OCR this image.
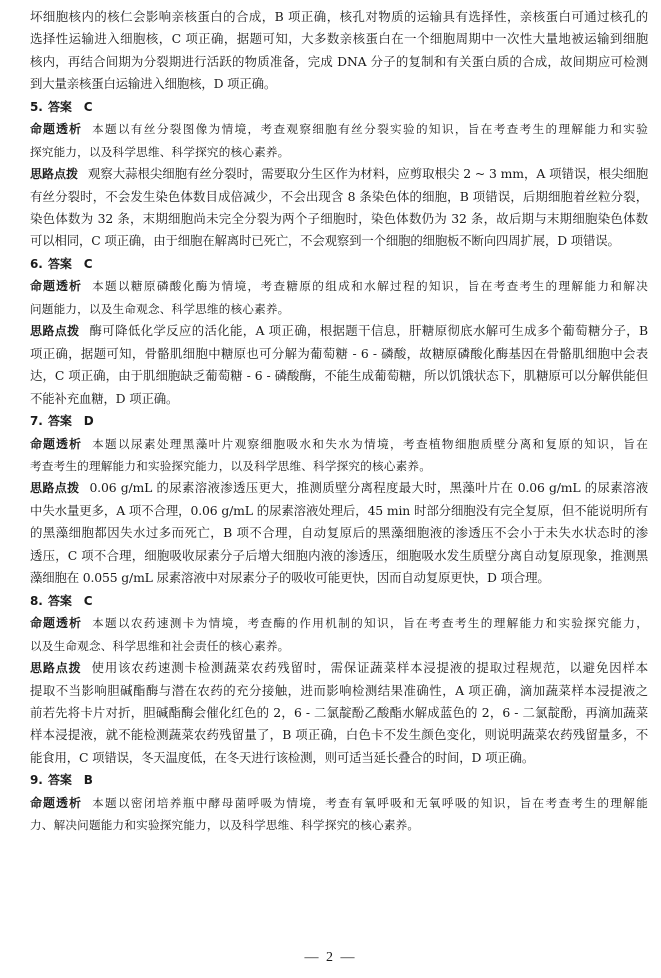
坏细胞核内的核仁会影响亲核蛋白的合成，B 项正确，核孔对物质的运输具有选择性，亲核蛋白可通过核孔的
选择性运输进入细胞核，C 项正确，据题可知，大多数亲核蛋白在一个细胞周期中一次性大量地被运输到细胞
核内，再结合间期为分裂期进行活跃的物质准备，完成 DNA 分子的复制和有关蛋白质的合成，故间期应可检测
到大量亲核蛋白运输进入细胞核，D 项正确。
5. 答案 C
命题透析 本题以有丝分裂图像为情境，考查观察细胞有丝分裂实验的知识，旨在考查考生的理解能力和实验
探究能力，以及科学思维、科学探究的核心素养。
思路点拨 观察大蒜根尖细胞有丝分裂时，需要取分生区作为材料，应剪取根尖 2 ~ 3 mm，A 项错误，根尖细胞
有丝分裂时，不会发生染色体数目成倍减少，不会出现含 8 条染色体的细胞，B 项错误，后期细胞着丝粒分裂，
染色体数为 32 条，末期细胞尚未完全分裂为两个子细胞时，染色体数仍为 32 条，故后期与末期细胞染色体数
可以相同，C 项正确，由于细胞在解离时已死亡，不会观察到一个细胞的细胞板不断向四周扩展，D 项错误。
6. 答案 C
命题透析 本题以糖原磷酸化酶为情境，考查糖原的组成和水解过程的知识，旨在考查考生的理解能力和解决
问题能力，以及生命观念、科学思维的核心素养。
思路点拨 酶可降低化学反应的活化能，A 项正确，根据题干信息，肝糖原彻底水解可生成多个葡萄糖分子，B
项正确，据题可知，骨骼肌细胞中糖原也可分解为葡萄糖 - 6 - 磷酸，故糖原磷酸化酶基因在骨骼肌细胞中会表
达，C 项正确，由于肌细胞缺乏葡萄糖 - 6 - 磷酸酶，不能生成葡萄糖，所以饥饿状态下，肌糖原可以分解供能但
不能补充血糖，D 项正确。
7. 答案 D
命题透析 本题以尿素处理黑藻叶片观察细胞吸水和失水为情境，考查植物细胞质壁分离和复原的知识，旨在
考查考生的理解能力和实验探究能力，以及科学思维、科学探究的核心素养。
思路点拨 0.06 g/mL 的尿素溶液渗透压更大，推测质壁分离程度最大时，黑藻叶片在 0.06 g/mL 的尿素溶液
中失水量更多，A 项不合理，0.06 g/mL 的尿素溶液处理后，45 min 时部分细胞没有完全复原，但不能说明所有
的黑藻细胞都因失水过多而死亡，B 项不合理，自动复原后的黑藻细胞液的渗透压不会小于未失水状态时的渗
透压，C 项不合理，细胞吸收尿素分子后增大细胞内液的渗透压，细胞吸水发生质壁分离自动复原现象，推测黑
藻细胞在 0.055 g/mL 尿素溶液中对尿素分子的吸收可能更快，因而自动复原更快，D 项合理。
8. 答案 C
命题透析 本题以农药速测卡为情境，考查酶的作用机制的知识，旨在考查考生的理解能力和实验探究能力，
以及生命观念、科学思维和社会责任的核心素养。
思路点拨 使用该农药速测卡检测蔬菜农药残留时，需保证蔬菜样本浸提液的提取过程规范，以避免因样本
提取不当影响胆碱酯酶与潜在农药的充分接触，进而影响检测结果准确性，A 项正确，滴加蔬菜样本浸提液之
前若先将卡片对折，胆碱酯酶会催化红色的 2，6 - 二氯靛酚乙酸酯水解成蓝色的 2，6 - 二氯靛酚，再滴加蔬菜
样本浸提液，就不能检测蔬菜农药残留量了，B 项正确，白色卡不发生颜色变化，则说明蔬菜农药残留量多，不
能食用，C 项错误，冬天温度低，在冬天进行该检测，则可适当延长叠合的时间，D 项正确。
9. 答案 B
命题透析 本题以密闭培养瓶中酵母菌呼吸为情境，考查有氧呼吸和无氧呼吸的知识，旨在考查考生的理解能
力、解决问题能力和实验探究能力，以及科学思维、科学探究的核心素养。
— 2 —
